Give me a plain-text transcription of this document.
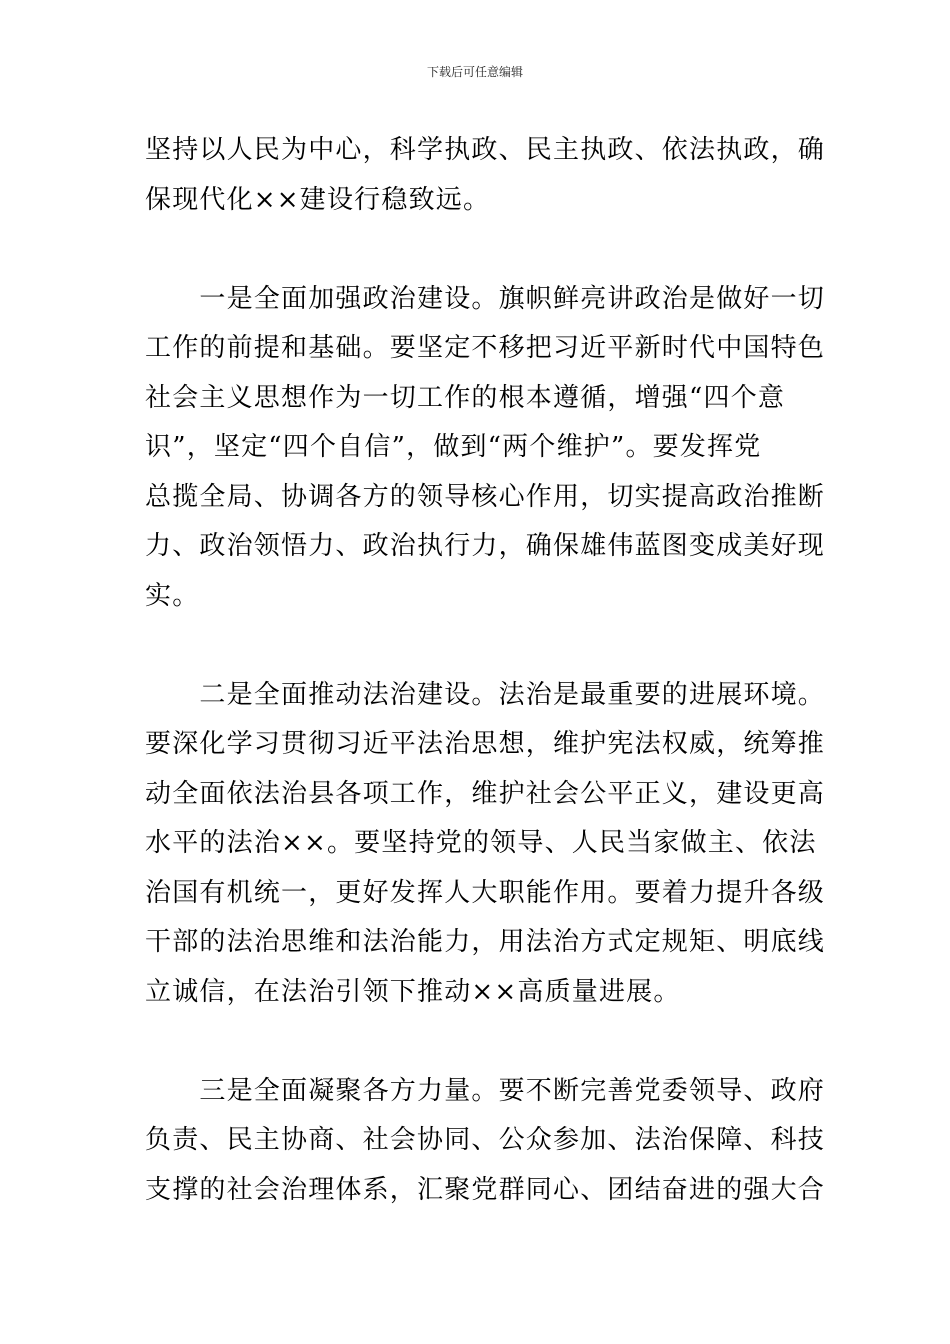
下载后可任意编辑
坚持以人民为中心，科学执政、民主执政、依法执政，确
保现代化××建设行稳致远。
　　一是全面加强政治建设。旗帜鲜亮讲政治是做好一切
工作的前提和基础。要坚定不移把习近平新时代中国特色
社会主义思想作为一切工作的根本遵循，增强“四个意
识”，坚定“四个自信”，做到“两个维护”。要发挥党
总揽全局、协调各方的领导核心作用，切实提高政治推断
力、政治领悟力、政治执行力，确保雄伟蓝图变成美好现
实。
　　二是全面推动法治建设。法治是最重要的进展环境。
要深化学习贯彻习近平法治思想，维护宪法权威，统筹推
动全面依法治县各项工作，维护社会公平正义，建设更高
水平的法治××。要坚持党的领导、人民当家做主、依法
治国有机统一，更好发挥人大职能作用。要着力提升各级
干部的法治思维和法治能力，用法治方式定规矩、明底线
立诚信，在法治引领下推动××高质量进展。
　　三是全面凝聚各方力量。要不断完善党委领导、政府
负责、民主协商、社会协同、公众参加、法治保障、科技
支撑的社会治理体系，汇聚党群同心、团结奋进的强大合
